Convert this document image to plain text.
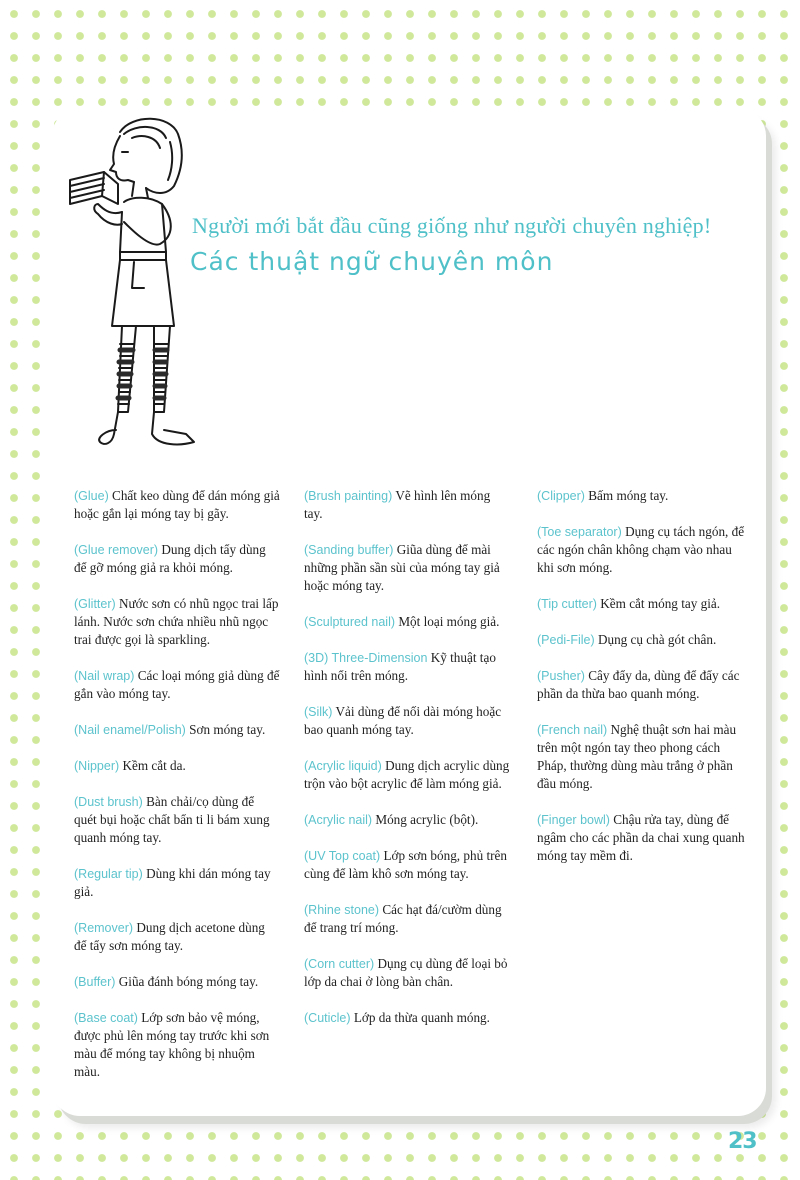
Người mới bắt đầu cũng giống như người chuyên nghiệp!
Các thuật ngữ chuyên môn
(Glue) Chất keo dùng để dán móng giả hoặc gắn lại móng tay bị gãy.
(Glue remover) Dung dịch tẩy dùng để gỡ móng giả ra khỏi móng.
(Glitter) Nước sơn có nhũ ngọc trai lấp lánh. Nước sơn chứa nhiều nhũ ngọc trai được gọi là sparkling.
(Nail wrap) Các loại móng giả dùng để gắn vào móng tay.
(Nail enamel/Polish) Sơn móng tay.
(Nipper) Kềm cắt da.
(Dust brush) Bàn chải/cọ dùng để quét bụi hoặc chất bẩn ti li bám xung quanh móng tay.
(Regular tip) Dùng khi dán móng tay giả.
(Remover) Dung dịch acetone dùng để tẩy sơn móng tay.
(Buffer) Giũa đánh bóng móng tay.
(Base coat) Lớp sơn bảo vệ móng, được phủ lên móng tay trước khi sơn màu để móng tay không bị nhuộm màu.
(Brush painting) Vẽ hình lên móng tay.
(Sanding buffer) Giũa dùng để mài những phần sần sùi của móng tay giả hoặc móng tay.
(Sculptured nail) Một loại móng giả.
(3D) Three-Dimension Kỹ thuật tạo hình nổi trên móng.
(Silk) Vải dùng để nối dài móng hoặc bao quanh móng tay.
(Acrylic liquid) Dung dịch acrylic dùng trộn vào bột acrylic để làm móng giả.
(Acrylic nail) Móng acrylic (bột).
(UV Top coat) Lớp sơn bóng, phủ trên cùng để làm khô sơn móng tay.
(Rhine stone) Các hạt đá/cườm dùng để trang trí móng.
(Corn cutter) Dụng cụ dùng để loại bỏ lớp da chai ở lòng bàn chân.
(Cuticle) Lớp da thừa quanh móng.
(Clipper) Bấm móng tay.
(Toe separator) Dụng cụ tách ngón, để các ngón chân không chạm vào nhau khi sơn móng.
(Tip cutter) Kềm cắt móng tay giả.
(Pedi-File) Dụng cụ chà gót chân.
(Pusher) Cây đẩy da, dùng để đẩy các phần da thừa bao quanh móng.
(French nail) Nghệ thuật sơn hai màu trên một ngón tay theo phong cách Pháp, thường dùng màu trắng ở phần đầu móng.
(Finger bowl) Chậu rửa tay, dùng để ngâm cho các phần da chai xung quanh móng tay mềm đi.
23
